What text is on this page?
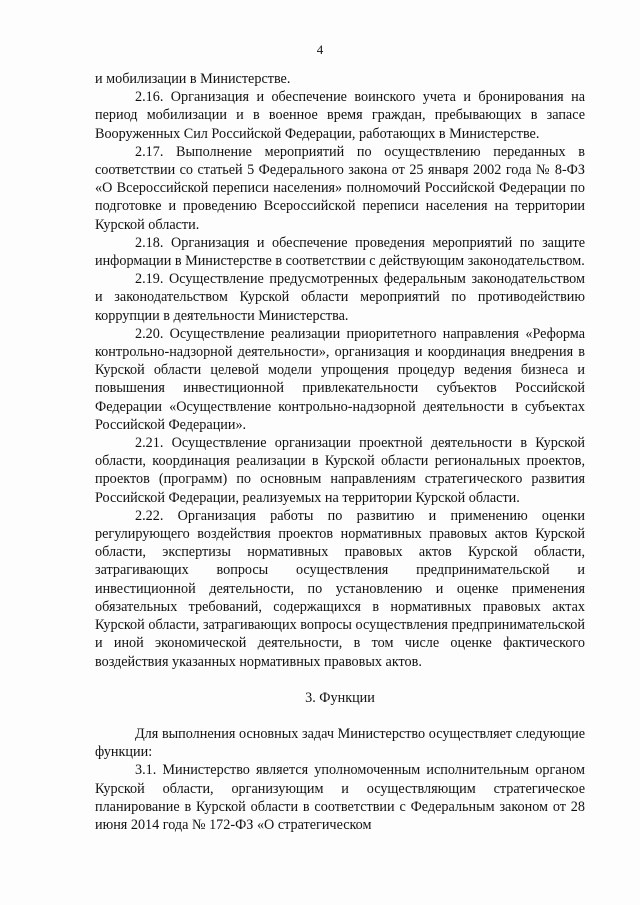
4

и мобилизации в Министерстве.

2.16. Организация и обеспечение воинского учета и бронирования на период мобилизации и в военное время граждан, пребывающих в запасе Вооруженных Сил Российской Федерации, работающих в Министерстве.

2.17. Выполнение мероприятий по осуществлению переданных в соответствии со статьей 5 Федерального закона от 25 января 2002 года № 8-ФЗ «О Всероссийской переписи населения» полномочий Российской Федерации по подготовке и проведению Всероссийской переписи населения на территории Курской области.

2.18. Организация и обеспечение проведения мероприятий по защите информации в Министерстве в соответствии с действующим законодательством.

2.19. Осуществление предусмотренных федеральным законодательством и законодательством Курской области мероприятий по противодействию коррупции в деятельности Министерства.

2.20. Осуществление реализации приоритетного направления «Реформа контрольно-надзорной деятельности», организация и координация внедрения в Курской области целевой модели упрощения процедур ведения бизнеса и повышения инвестиционной привлекательности субъектов Российской Федерации «Осуществление контрольно-надзорной деятельности в субъектах Российской Федерации».

2.21. Осуществление организации проектной деятельности в Курской области, координация реализации в Курской области региональных проектов, проектов (программ) по основным направлениям стратегического развития Российской Федерации, реализуемых на территории Курской области.

2.22. Организация работы по развитию и применению оценки регулирующего воздействия проектов нормативных правовых актов Курской области, экспертизы нормативных правовых актов Курской области, затрагивающих вопросы осуществления предпринимательской и инвестиционной деятельности, по установлению и оценке применения обязательных требований, содержащихся в нормативных правовых актах Курской области, затрагивающих вопросы осуществления предпринимательской и иной экономической деятельности, в том числе оценке фактического воздействия указанных нормативных правовых актов.

3. Функции

Для выполнения основных задач Министерство осуществляет следующие функции:

3.1. Министерство является уполномоченным исполнительным органом Курской области, организующим и осуществляющим стратегическое планирование в Курской области в соответствии с Федеральным законом от 28 июня 2014 года № 172-ФЗ «О стратегическом
